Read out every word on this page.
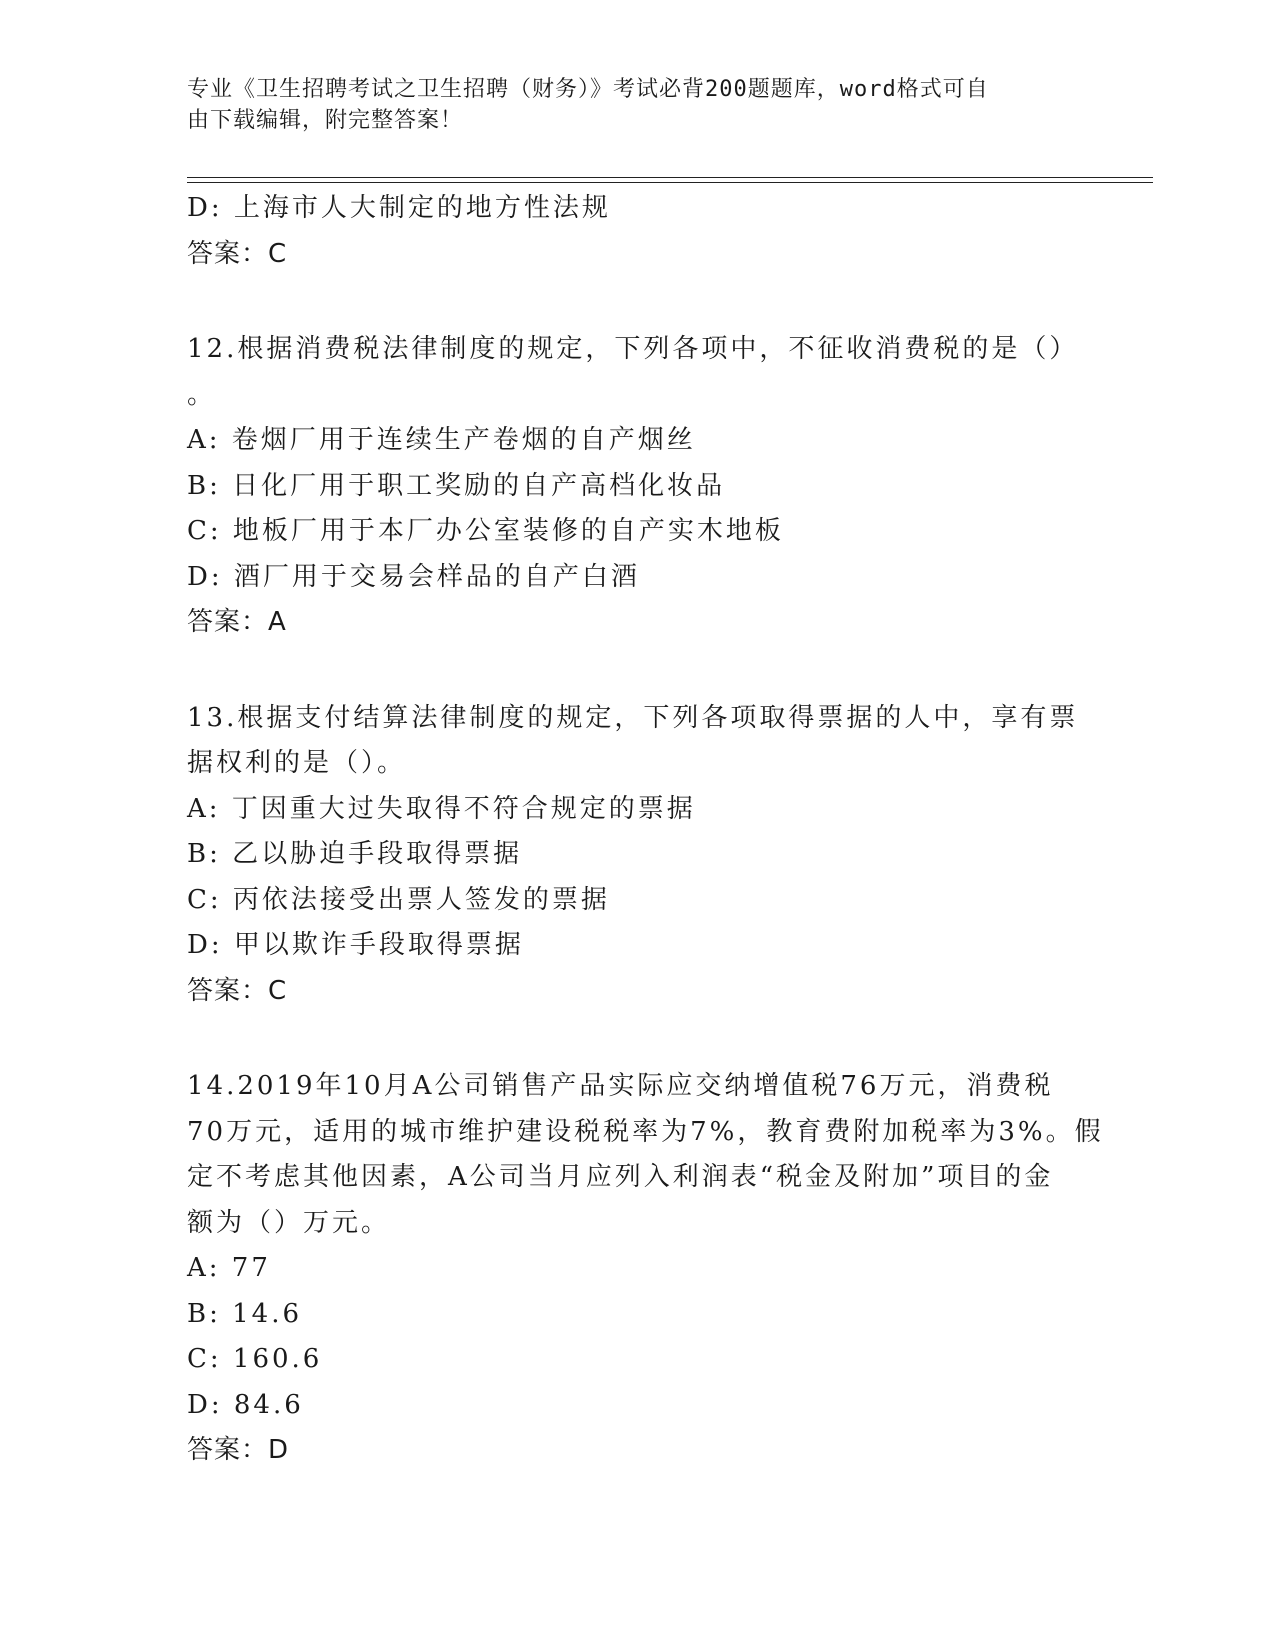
专业《卫生招聘考试之卫生招聘（财务）》考试必背200题题库，word格式可自
由下载编辑，附完整答案！
D: 上海市人大制定的地方性法规
答案：C
12.根据消费税法律制度的规定，下列各项中，不征收消费税的是（）
。
A: 卷烟厂用于连续生产卷烟的自产烟丝
B: 日化厂用于职工奖励的自产高档化妆品
C: 地板厂用于本厂办公室装修的自产实木地板
D: 酒厂用于交易会样品的自产白酒
答案：A
13.根据支付结算法律制度的规定，下列各项取得票据的人中，享有票
据权利的是（）。
A: 丁因重大过失取得不符合规定的票据
B: 乙以胁迫手段取得票据
C: 丙依法接受出票人签发的票据
D: 甲以欺诈手段取得票据
答案：C
14.2019年10月A公司销售产品实际应交纳增值税76万元，消费税
70万元，适用的城市维护建设税税率为7%，教育费附加税率为3%。假
定不考虑其他因素，A公司当月应列入利润表“税金及附加”项目的金
额为（）万元。
A: 77
B: 14.6
C: 160.6
D: 84.6
答案：D
